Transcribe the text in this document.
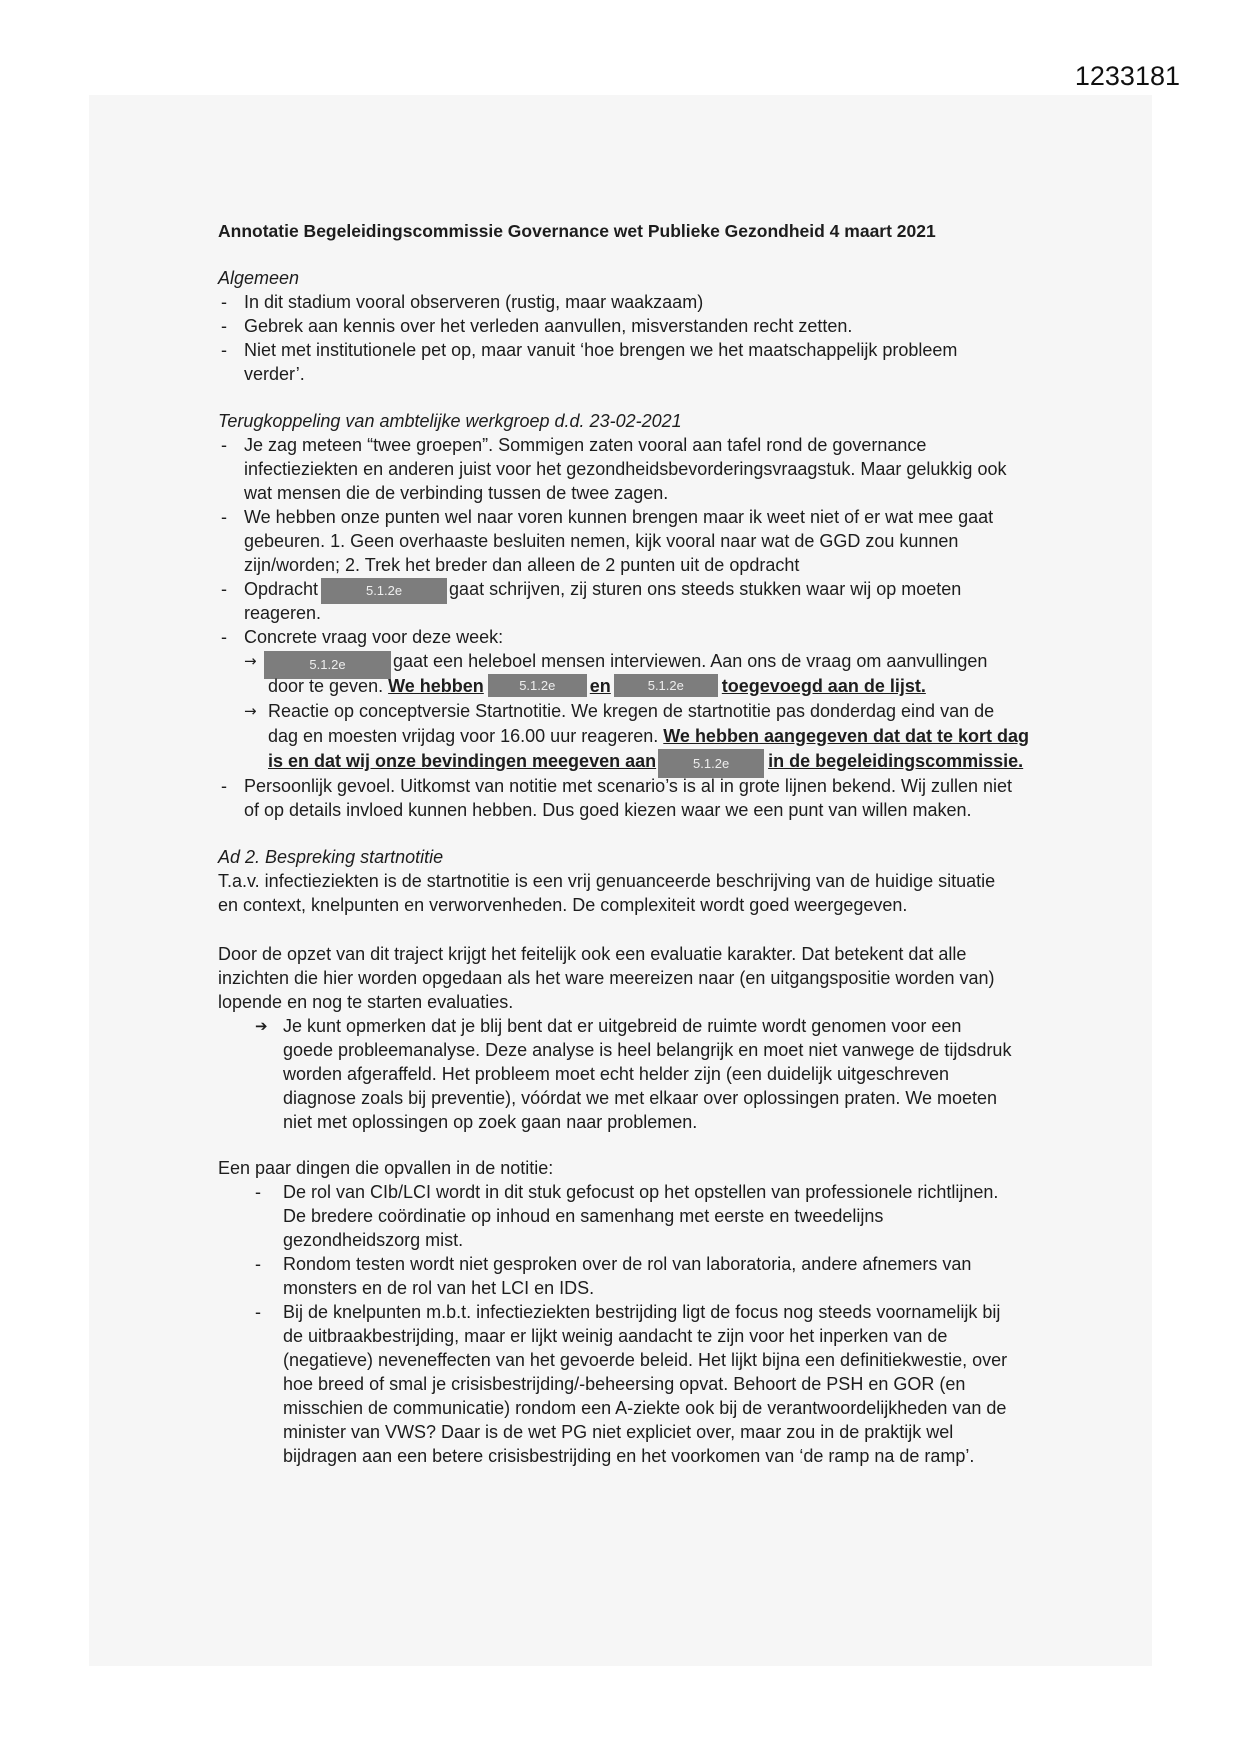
1233181
Annotatie Begeleidingscommissie Governance wet Publieke Gezondheid 4 maart 2021
Algemeen
- In dit stadium vooral observeren (rustig, maar waakzaam)
- Gebrek aan kennis over het verleden aanvullen, misverstanden recht zetten.
- Niet met institutionele pet op, maar vanuit ‘hoe brengen we het maatschappelijk probleem
verder’.
Terugkoppeling van ambtelijke werkgroep d.d. 23-02-2021
- Je zag meteen “twee groepen”. Sommigen zaten vooral aan tafel rond de governance
infectieziekten en anderen juist voor het gezondheidsbevorderingsvraagstuk. Maar gelukkig ook
wat mensen die de verbinding tussen de twee zagen.
- We hebben onze punten wel naar voren kunnen brengen maar ik weet niet of er wat mee gaat
gebeuren. 1. Geen overhaaste besluiten nemen, kijk vooral naar wat de GGD zou kunnen
zijn/worden; 2. Trek het breder dan alleen de 2 punten uit de opdracht
- Opdracht	5.1.2e	gaat schrijven, zij sturen ons steeds stukken waar wij op moeten
reageren.
- Concrete vraag voor deze week:
→	5.1.2e	gaat een heleboel mensen interviewen. Aan ons de vraag om aanvullingen
door te geven. We hebben	5.1.2e en	5.1.2e toegevoegd aan de lijst.
→ Reactie op conceptversie Startnotitie. We kregen de startnotitie pas donderdag eind van de
dag en moesten vrijdag voor 16.00 uur reageren. We hebben aangegeven dat dat te kort dag
is en dat wij onze bevindingen meegeven aan	5.1.2e in de begeleidingscommissie.
- Persoonlijk gevoel. Uitkomst van notitie met scenario’s is al in grote lijnen bekend. Wij zullen niet
of op details invloed kunnen hebben. Dus goed kiezen waar we een punt van willen maken.
Ad 2. Bespreking startnotitie
T.a.v. infectieziekten is de startnotitie is een vrij genuanceerde beschrijving van de huidige situatie
en context, knelpunten en verworvenheden. De complexiteit wordt goed weergegeven.
Door de opzet van dit traject krijgt het feitelijk ook een evaluatie karakter. Dat betekent dat alle
inzichten die hier worden opgedaan als het ware meereizen naar (en uitgangspositie worden van)
lopende en nog te starten evaluaties.
➔ Je kunt opmerken dat je blij bent dat er uitgebreid de ruimte wordt genomen voor een
goede probleemanalyse. Deze analyse is heel belangrijk en moet niet vanwege de tijdsdruk
worden afgeraffeld. Het probleem moet echt helder zijn (een duidelijk uitgeschreven
diagnose zoals bij preventie), vóórdat we met elkaar over oplossingen praten. We moeten
niet met oplossingen op zoek gaan naar problemen.
Een paar dingen die opvallen in de notitie:
- De rol van CIb/LCI wordt in dit stuk gefocust op het opstellen van professionele richtlijnen.
De bredere coördinatie op inhoud en samenhang met eerste en tweedelijns
gezondheidszorg mist.
- Rondom testen wordt niet gesproken over de rol van laboratoria, andere afnemers van
monsters en de rol van het LCI en IDS.
- Bij de knelpunten m.b.t. infectieziekten bestrijding ligt de focus nog steeds voornamelijk bij
de uitbraakbestrijding, maar er lijkt weinig aandacht te zijn voor het inperken van de
(negatieve) neveneffecten van het gevoerde beleid. Het lijkt bijna een definitiekwestie, over
hoe breed of smal je crisisbestrijding/-beheersing opvat. Behoort de PSH en GOR (en
misschien de communicatie) rondom een A-ziekte ook bij de verantwoordelijkheden van de
minister van VWS? Daar is de wet PG niet expliciet over, maar zou in de praktijk wel
bijdragen aan een betere crisisbestrijding en het voorkomen van ‘de ramp na de ramp’.
